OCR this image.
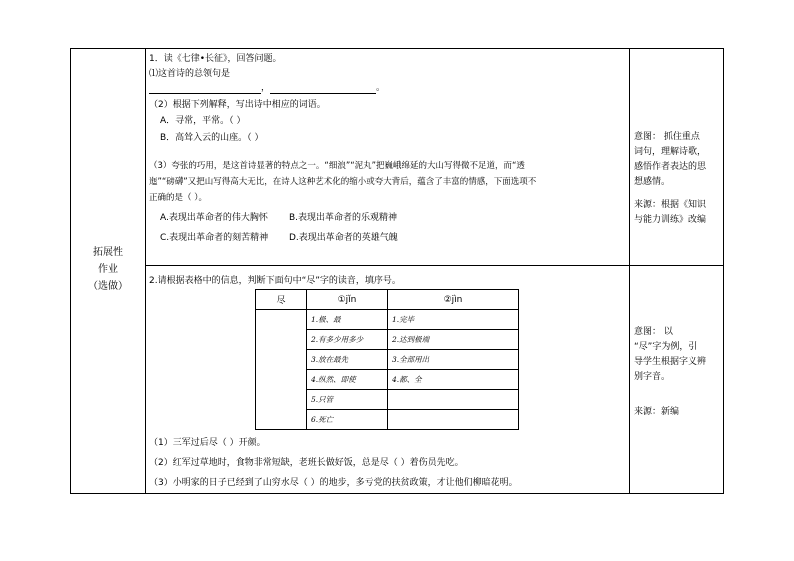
拓展性
作业
（选做）
1．读《七律•长征》，回答问题。
⑴这首诗的总领句是
，	。
（2）根据下列解释，写出诗中相应的词语。
A．寻常，平常。（ ）
B．高耸入云的山座。（ ）
（3）夸张的巧用，是这首诗显著的特点之一。“细浪”“泥丸”把巍峨绵延的大山写得微不足道，而“透
迤”“磅礴”又把山写得高大无比，在诗人这种艺术化的缩小或夸大背后，蕴含了丰富的情感，下面选项不
正确的是（ ）。
A.表现出革命者的伟大胸怀 B.表现出革命者的乐观精神
C.表现出革命者的刻苦精神 D.表现出革命者的英雄气魄
意图： 抓住重点
词句，理解诗歌，
感悟作者表达的思
想感情。
来源：根据《知识
与能力训练》改编
2.请根据表格中的信息，判断下面句中“尽”字的读音，填序号。
尽	①jǐn	②jìn
	1.极、最	1.完毕
	2.有多少用多少	2.达到极端
	3.放在最先	3.全部用出
	4.纵然、即使	4.都、全
	5.只管	
	6.死亡	
（1）三军过后尽（ ）开颜。
（2）红军过草地时，食物非常短缺，老班长做好饭，总是尽（ ）着伤员先吃。
（3）小明家的日子已经到了山穷水尽（ ）的地步，多亏党的扶贫政策，才让他们柳暗花明。
意图： 以
“尽”字为例，引
导学生根据字义辨
别字音。
来源：新编
